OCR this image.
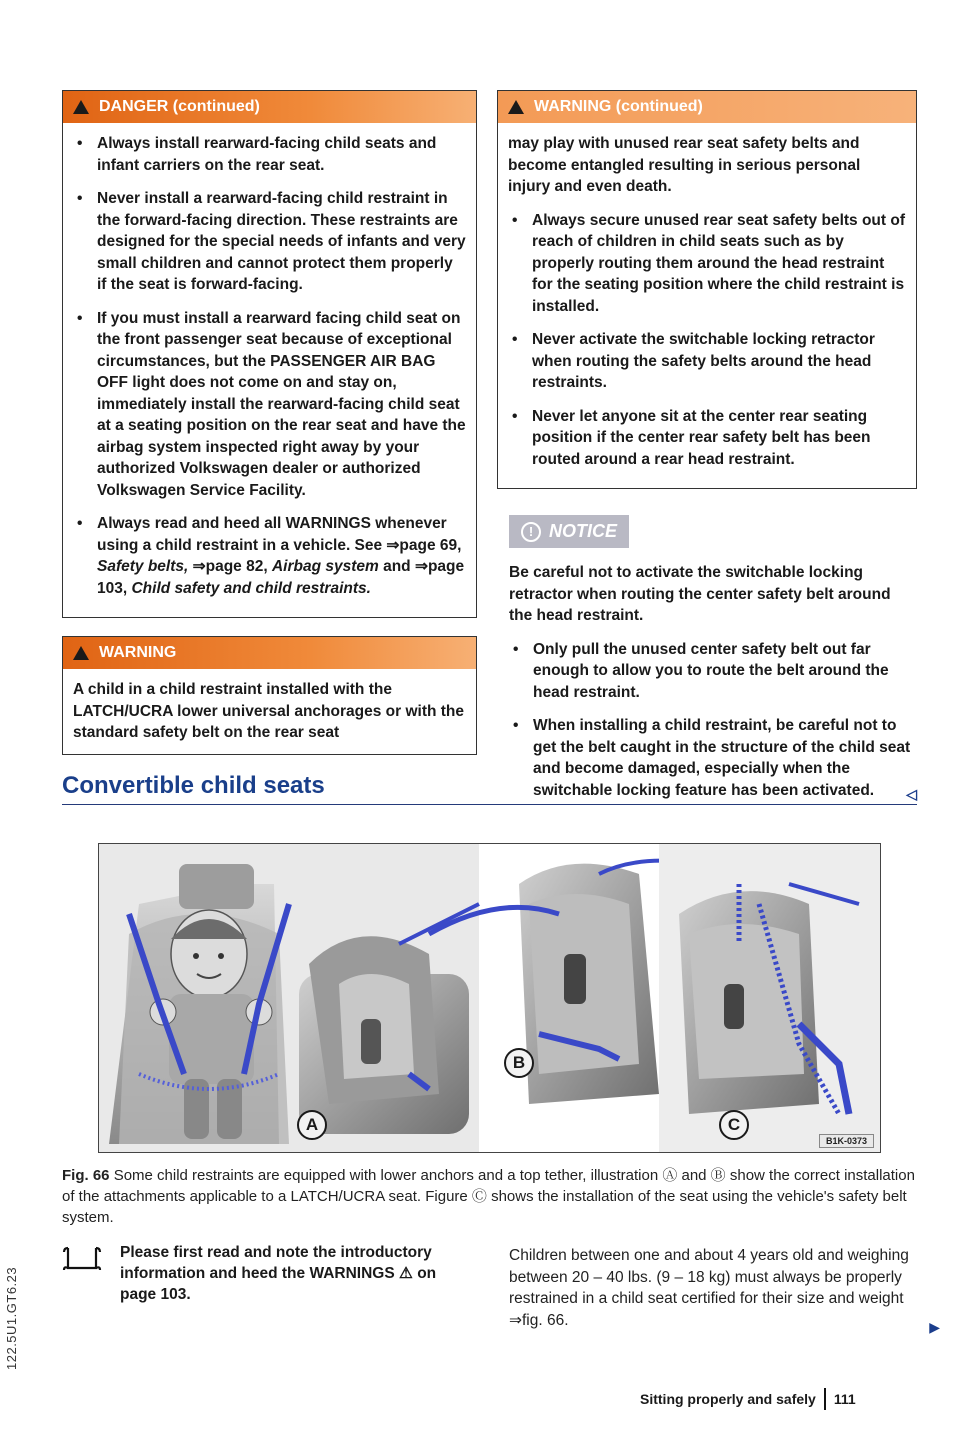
122.5U1.GT6.23
DANGER (continued)

• Always install rearward-facing child seats and infant carriers on the rear seat.

• Never install a rearward-facing child restraint in the forward-facing direction. These restraints are designed for the special needs of infants and very small children and cannot protect them properly if the seat is forward-facing.

• If you must install a rearward facing child seat on the front passenger seat because of exceptional circumstances, but the PASSENGER AIR BAG OFF light does not come on and stay on, immediately install the rearward-facing child seat at a seating position on the rear seat and have the airbag system inspected right away by your authorized Volkswagen dealer or authorized Volkswagen Service Facility.

• Always read and heed all WARNINGS whenever using a child restraint in a vehicle. See ⇒page 69, Safety belts, ⇒page 82, Airbag system and ⇒page 103, Child safety and child restraints.

WARNING

A child in a child restraint installed with the LATCH/UCRA lower universal anchorages or with the standard safety belt on the rear seat

WARNING (continued)

may play with unused rear seat safety belts and become entangled resulting in serious personal injury and even death.

• Always secure unused rear seat safety belts out of reach of children in child seats such as by properly routing them around the head restraint for the seating position where the child restraint is installed.

• Never activate the switchable locking retractor when routing the safety belts around the head restraints.

• Never let anyone sit at the center rear seating position if the center rear safety belt has been routed around a rear head restraint.

! NOTICE

Be careful not to activate the switchable locking retractor when routing the center safety belt around the head restraint.

• Only pull the unused center safety belt out far enough to allow you to route the belt around the head restraint.

• When installing a child restraint, be careful not to get the belt caught in the structure of the child seat and become damaged, especially when the switchable locking feature has been activated. ◁

Convertible child seats
A
B
C
B1K-0373
Fig. 66 Some child restraints are equipped with lower anchors and a top tether, illustration Ⓐ and Ⓑ show the correct installation of the attachments applicable to a LATCH/UCRA seat. Figure Ⓒ shows the installation of the seat using the vehicle's safety belt system.
Please first read and note the introductory information and heed the WARNINGS ⚠ on page 103.
Children between one and about 4 years old and weighing between 20 – 40 lbs. (9 – 18 kg) must always be properly restrained in a child seat certified for their size and weight ⇒fig. 66.	▶
Sitting properly and safely 111
